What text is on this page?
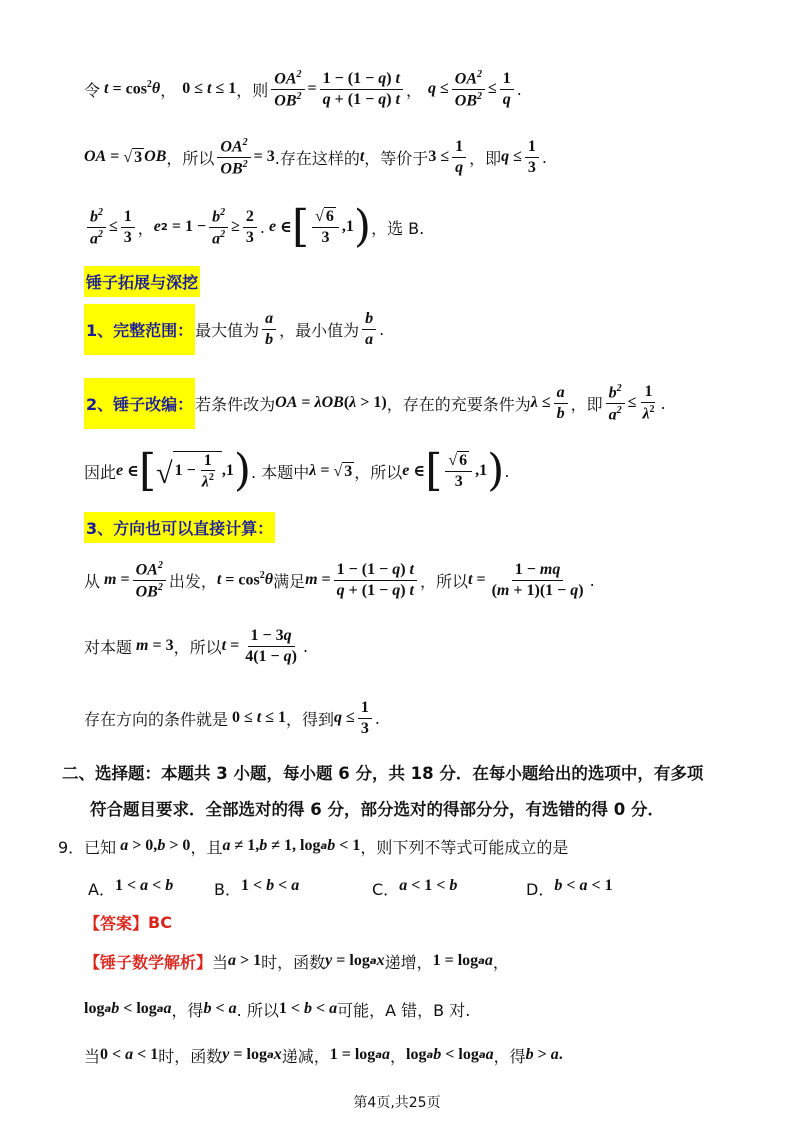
令 $t = \cos^2 \theta$ ， 0 ≤ t ≤ 1 ，则 $\frac{OA^2}{OB^2} = \frac{1 - (1 - q) t}{q + (1 - q) t}$ ， $q \le \frac{OA^2}{OB^2} \le \frac{1}{q}$ .
OA = √ 3 OB ，所以 $\frac{OA^2}{OB^2} = 3$ .存在这样的 t ，等价于 $3 \le \frac{1}{q}$ ，即 $q \le \frac{1}{3}$ .
$\frac{b^2}{a^2} \le \frac{1}{3}$ ， e $2 = 1 - \frac{b^2}{a^2} \ge \frac{2}{3}$ . e ∈ [ $\frac{√ 6}{3} ,1$ ) ，选 B.
锤子拓展与深挖
1、完整范围： 最大值为 $\frac{a}{b}$ ，最小值为 $\frac{b}{a}$ .
2、锤子改编： 若条件改为 OA = λOB (λ > 1) ，存在的充要条件为 $\lambda \le \frac{a}{b}$ ，即 $\frac{b^2}{a^2} \le \frac{1}{\lambda^2}$ .
因此 e ∈ [ √ $1 - \frac{1}{\lambda^2} ,1$ ) . 本题中 λ = √ 3 ，所以 e ∈ [ $\frac{√ 6}{3} ,1$ ) .
3、方向也可以直接计算：
从 $m = \frac{OA^2}{OB^2}$ 出发， $t = \cos^2 \theta$ 满足 $m = \frac{1 - (1 - q) t}{q + (1 - q) t}$ ，所以 $t = \frac{1 - mq}{(m + 1)(1 - q)}$ .
对本题 m = 3 ，所以 $t = \frac{1 - 3q}{4(1 - q)}$ .
存在方向的条件就是 0 ≤ t ≤ 1 ，得到 $q \le \frac{1}{3}$ .
二、选择题：本题共 3 小题，每小题 6 分，共 18 分．在每小题给出的选项中，有多项
符合题目要求．全部选对的得 6 分，部分选对的得部分分，有选错的得 0 分．
9．已知 a > 0, b > 0 ，且 a ≠ 1, b ≠ 1, log a b < 1 ，则下列不等式可能成立的是
A． 1 < a < b	B． 1 < b < a	C． a < 1 < b	D． b < a < 1
【答案】 BC
【锤子数学解析】 当 a > 1 时，函数 y = log a x 递增， 1 = log a a ，
log a b < log a a ，得 b < a . 所以 1 < b < a 可能，A 错，B 对.
当 0 < a < 1 时，函数 y = log a x 递减， 1 = log a a ， log a b < log a a ，得 b > a .
第4页,共25页
